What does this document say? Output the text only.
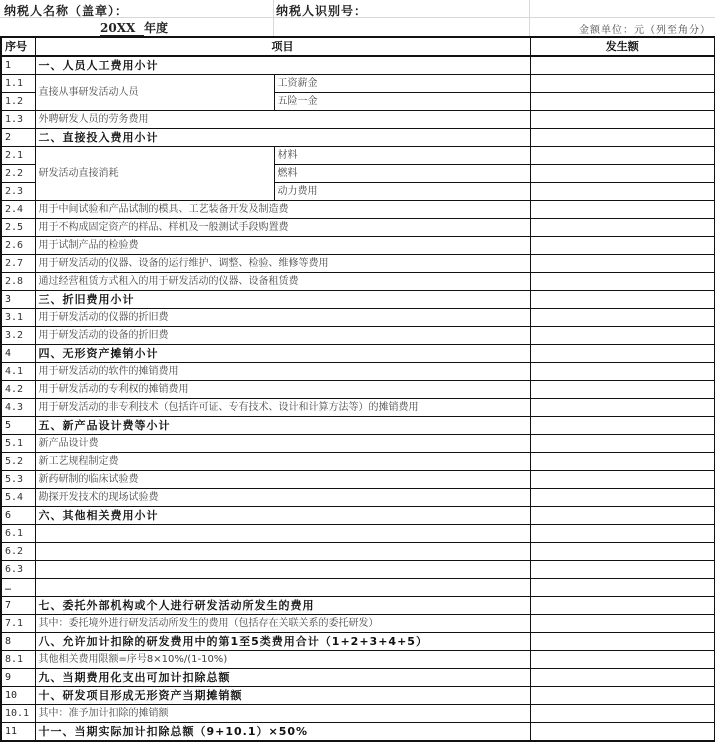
纳税人名称（盖章）：	纳税人识别号：
20XX 年度	金额单位：元（列至角分）
序号	项目		发生额
1	一、人员人工费用小计		
1.1	直接从事研发活动人员	工资薪金	
1.2		五险一金	
1.3	外聘研发人员的劳务费用		
2	二、直接投入费用小计		
2.1	研发活动直接消耗	材料	
2.2		燃料	
2.3		动力费用	
2.4	用于中间试验和产品试制的模具、工艺装备开发及制造费		
2.5	用于不构成固定资产的样品、样机及一般测试手段购置费		
2.6	用于试制产品的检验费		
2.7	用于研发活动的仪器、设备的运行维护、调整、检验、维修等费用		
2.8	通过经营租赁方式租入的用于研发活动的仪器、设备租赁费		
3	三、折旧费用小计		
3.1	用于研发活动的仪器的折旧费		
3.2	用于研发活动的设备的折旧费		
4	四、无形资产摊销小计		
4.1	用于研发活动的软件的摊销费用		
4.2	用于研发活动的专利权的摊销费用		
4.3	用于研发活动的非专利技术（包括许可证、专有技术、设计和计算方法等）的摊销费用		
5	五、新产品设计费等小计		
5.1	新产品设计费		
5.2	新工艺规程制定费		
5.3	新药研制的临床试验费		
5.4	勘探开发技术的现场试验费		
6	六、其他相关费用小计		
6.1			
6.2			
6.3			
…			
7	七、委托外部机构或个人进行研发活动所发生的费用		
7.1	其中：委托境外进行研发活动所发生的费用（包括存在关联关系的委托研发）		
8	八、允许加计扣除的研发费用中的第1至5类费用合计（1+2+3+4+5）		
8.1	其他相关费用限额=序号8×10%/(1-10%)		
9	九、当期费用化支出可加计扣除总额		
10	十、研发项目形成无形资产当期摊销额		
10.1	其中：准予加计扣除的摊销额		
11	十一、当期实际加计扣除总额（9+10.1）×50%		
